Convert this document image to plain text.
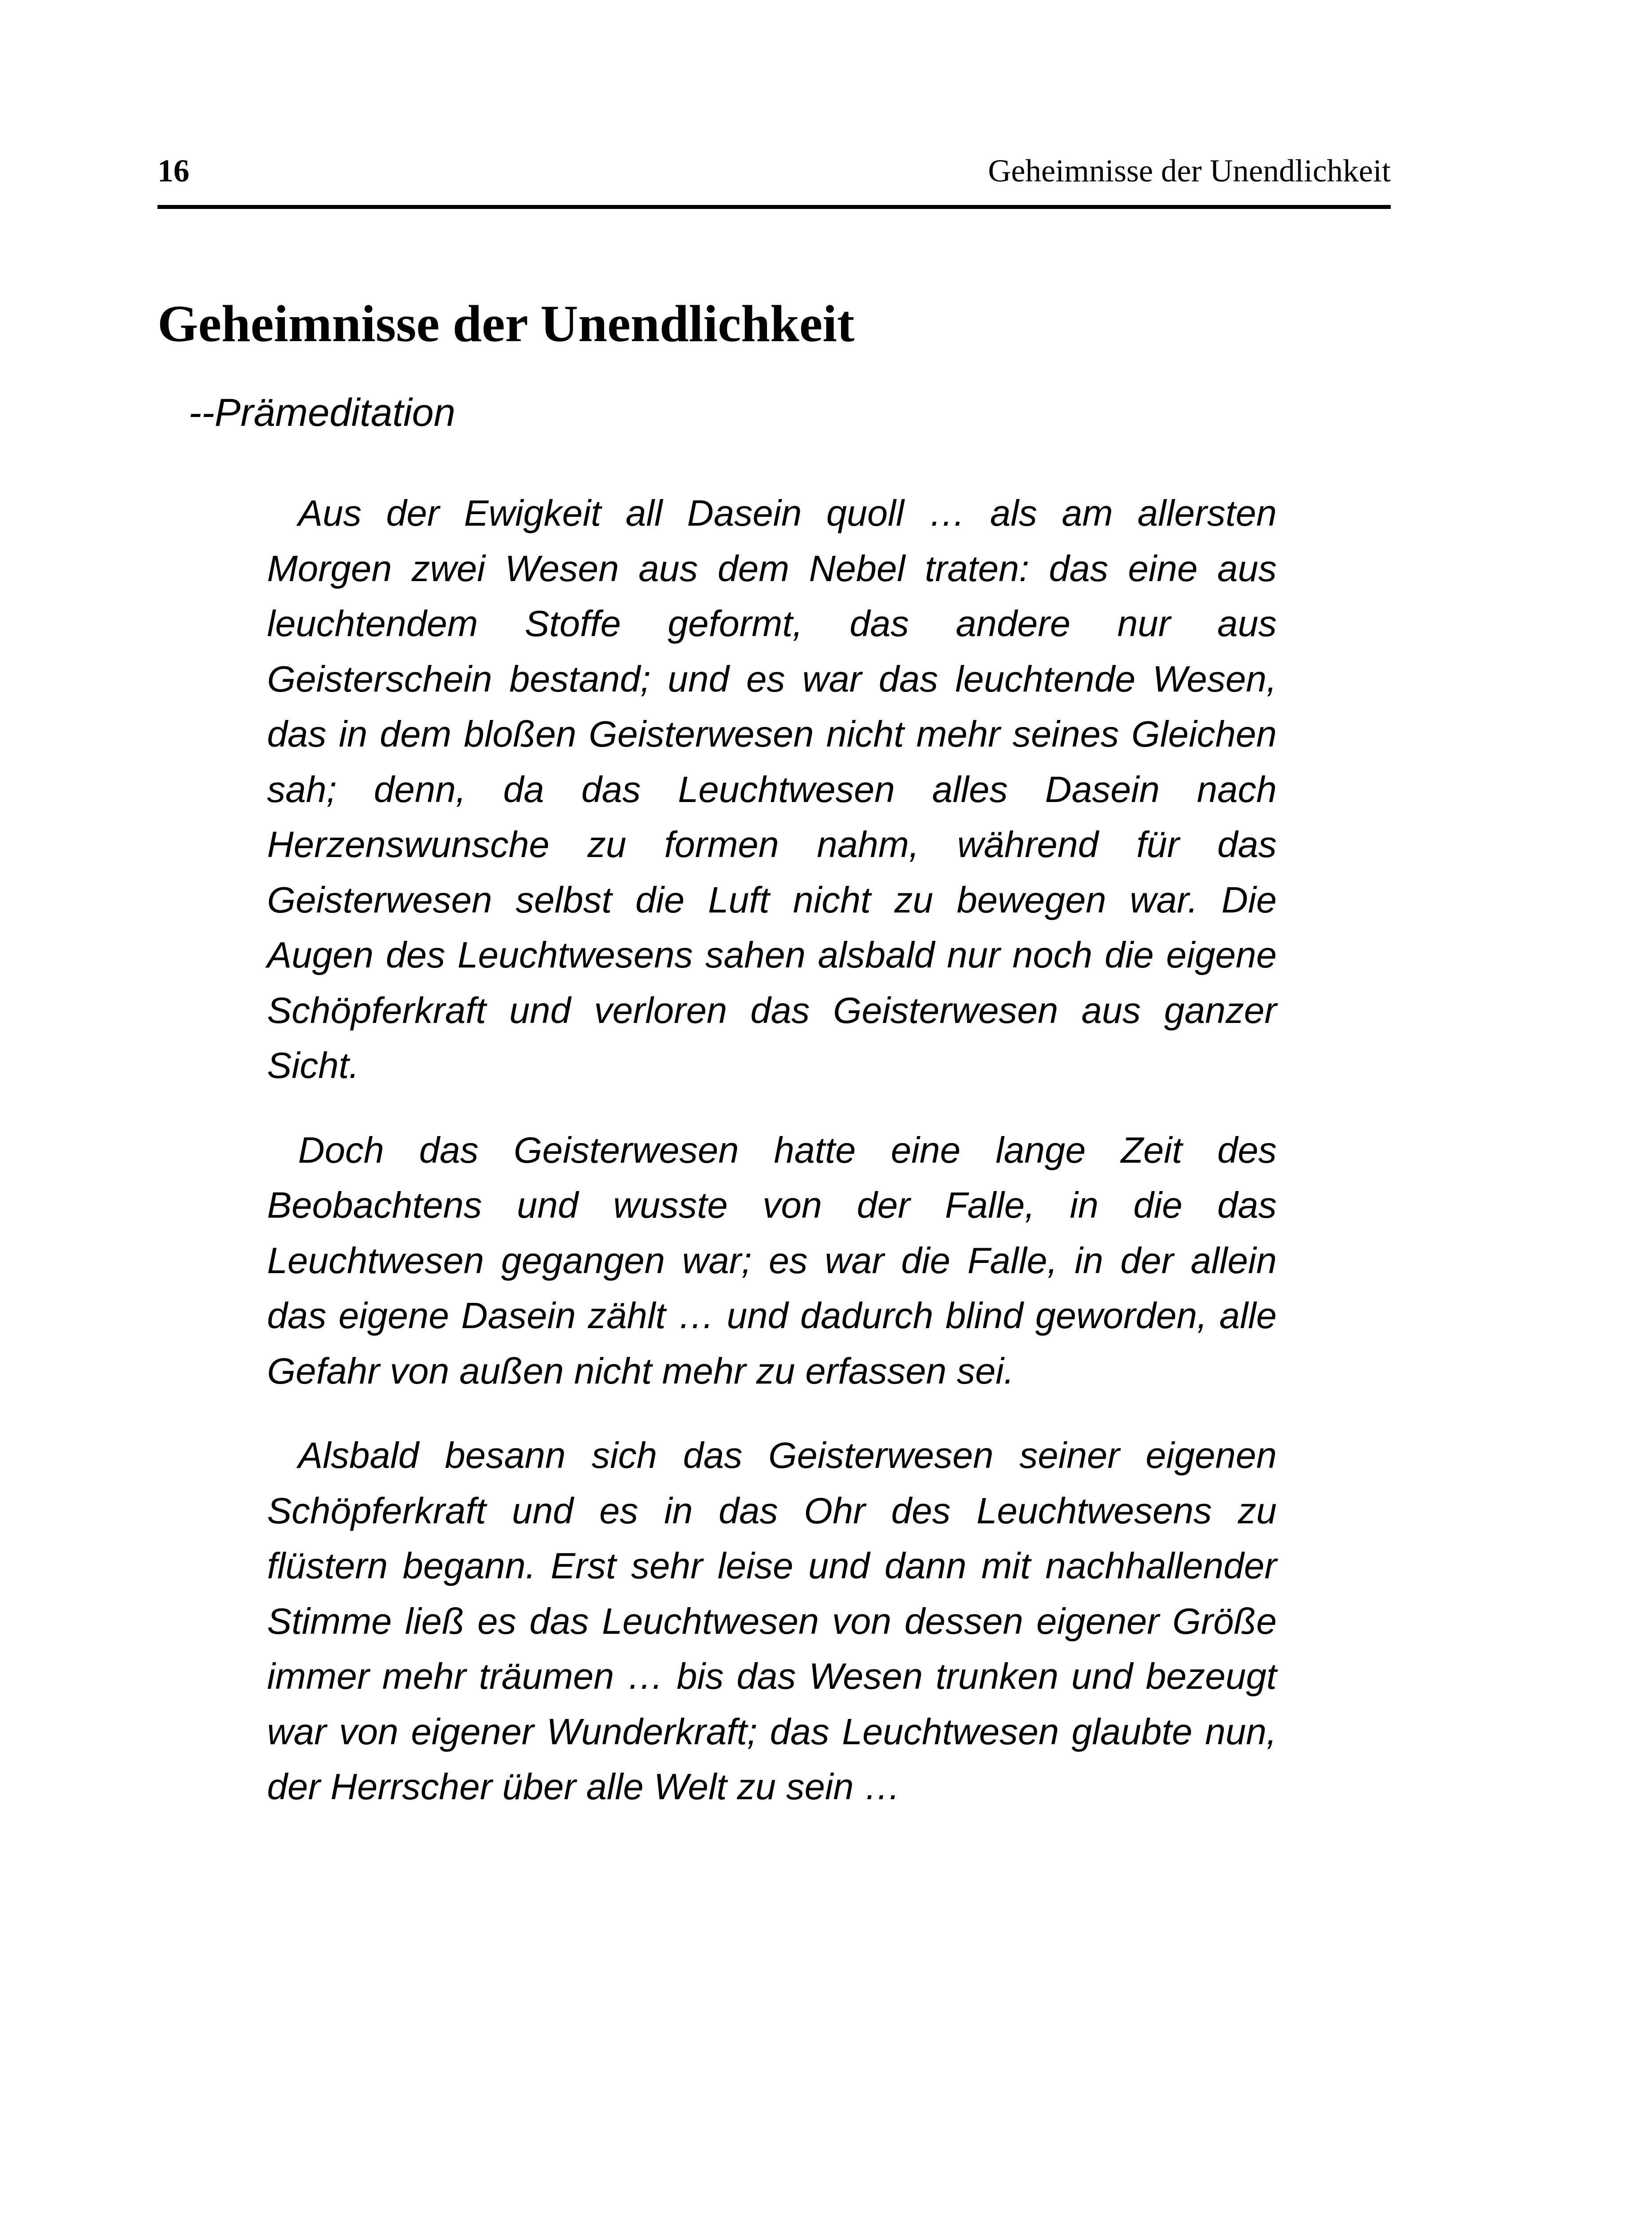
16	Geheimnisse der Unendlichkeit
Geheimnisse der Unendlichkeit

--Prämeditation

Aus der Ewigkeit all Dasein quoll … als am allersten Morgen zwei Wesen aus dem Nebel traten: das eine aus leuchtendem Stoffe geformt, das andere nur aus Geisterschein bestand; und es war das leuchtende Wesen, das in dem bloßen Geisterwesen nicht mehr seines Gleichen sah; denn, da das Leuchtwesen alles Dasein nach Herzenswunsche zu formen nahm, während für das Geisterwesen selbst die Luft nicht zu bewegen war. Die Augen des Leuchtwesens sahen alsbald nur noch die eigene Schöpferkraft und verloren das Geisterwesen aus ganzer Sicht.

Doch das Geisterwesen hatte eine lange Zeit des Beobachtens und wusste von der Falle, in die das Leuchtwesen gegangen war; es war die Falle, in der allein das eigene Dasein zählt … und dadurch blind geworden, alle Gefahr von außen nicht mehr zu erfassen sei.

Alsbald besann sich das Geisterwesen seiner eigenen Schöpferkraft und es in das Ohr des Leuchtwesens zu flüstern begann. Erst sehr leise und dann mit nachhallender Stimme ließ es das Leuchtwesen von dessen eigener Größe immer mehr träumen … bis das Wesen trunken und bezeugt war von eigener Wunderkraft; das Leuchtwesen glaubte nun, der Herrscher über alle Welt zu sein …
